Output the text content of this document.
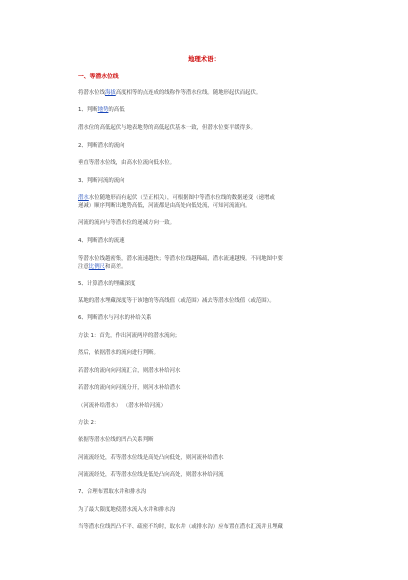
地理术语：
一、等潜水位线
将潜水位线海拔高度相等的点连成的线称作等潜水位线。随地形起伏而起伏。
1、判断地势的高低
潜水位的高低起伏与地表地势的高低起伏基本一致，但潜水位要平缓得多。
2、判断潜水的流向
垂直等潜水位线，由高水位流向低水位。
3、判断河流的流向
潜水水位随地形而有起伏（呈正相关），可根据图中等潜水位线的数据递变（递增或
递减）顺序判断出地势高低，河流都是由高处向低处流，可知河流流向。
河流的流向与等潜水位的递减方向一致。
4、判断潜水的流速
等潜水位线越密集，潜水流速越快；等潜水位线越稀疏，潜水流速越慢。不同地图中要
注意比例尺和高差。
5、计算潜水的埋藏深度
某地的潜水埋藏深度等于该地的等高线值（或范围）减去等潜水位线值（或范围）。
6、判断潜水与河水的补给关系
方法 1：首先，作出河流两岸的潜水流向；
然后，依据潜水的流向进行判断。
若潜水的流向向河流汇合，则潜水补给河水
若潜水的流向向河流分开，则河水补给潜水
（河流补给潜水） （潜水补给河流）
方法 2：
依据等潜水位线的凹凸关系判断
河流流经处，若等潜水位线是高处凸向低处，则河流补给潜水
河流流经处，若等潜水位线是低处凸向高处，则潜水补给河流
7、合理布置取水井和排水沟
为了最大限度地使潜水流入水井和排水沟
当等潜水位线凹凸不平、疏密不均时，取水井（或排水沟）应布置在潜水汇流并且埋藏
